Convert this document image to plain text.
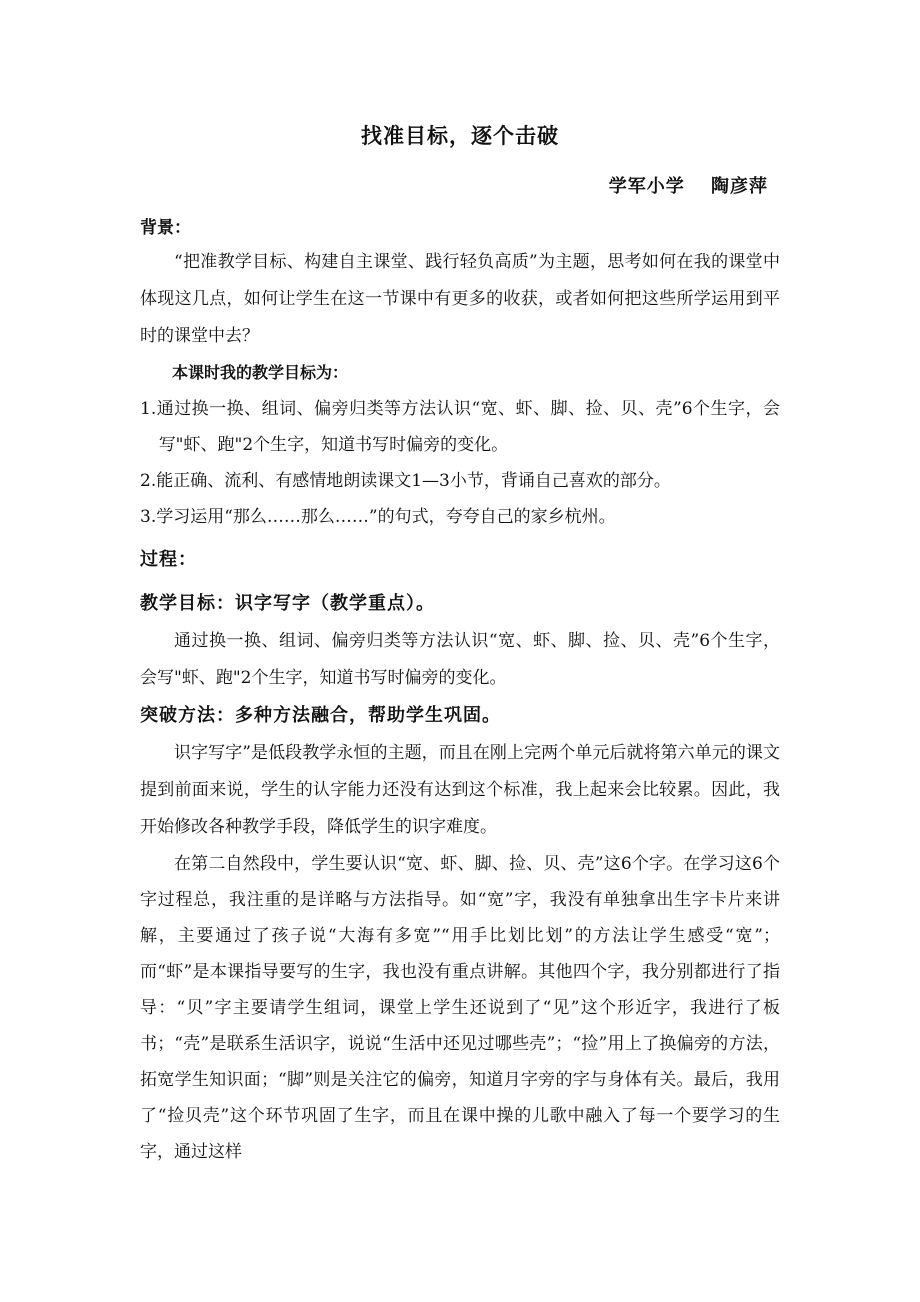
找准目标，逐个击破
学军小学　 陶彦萍

背景：

“把准教学目标、构建自主课堂、践行轻负高质”为主题，思考如何在我的课堂中体现这几点，如何让学生在这一节课中有更多的收获，或者如何把这些所学运用到平时的课堂中去？

本课时我的教学目标为：

1.通过换一换、组词、偏旁归类等方法认识“宽、虾、脚、捡、贝、壳”6个生字，会写"虾、跑"2个生字，知道书写时偏旁的变化。

2.能正确、流利、有感情地朗读课文1—3小节，背诵自己喜欢的部分。

3.学习运用“那么……那么……”的句式，夸夸自己的家乡杭州。

过程：

教学目标：识字写字（教学重点）。

通过换一换、组词、偏旁归类等方法认识“宽、虾、脚、捡、贝、壳”6个生字，会写"虾、跑"2个生字，知道书写时偏旁的变化。

突破方法：多种方法融合，帮助学生巩固。

识字写字”是低段教学永恒的主题，而且在刚上完两个单元后就将第六单元的课文提到前面来说，学生的认字能力还没有达到这个标准，我上起来会比较累。因此，我开始修改各种教学手段，降低学生的识字难度。

在第二自然段中，学生要认识“宽、虾、脚、捡、贝、壳”这6个字。在学习这6个字过程总，我注重的是详略与方法指导。如“宽”字，我没有单独拿出生字卡片来讲解，主要通过了孩子说“大海有多宽”“用手比划比划”的方法让学生感受“宽”；而“虾”是本课指导要写的生字，我也没有重点讲解。其他四个字，我分别都进行了指导：“贝”字主要请学生组词，课堂上学生还说到了“见”这个形近字，我进行了板书；“壳”是联系生活识字，说说“生活中还见过哪些壳”；“捡”用上了换偏旁的方法，拓宽学生知识面；“脚”则是关注它的偏旁，知道月字旁的字与身体有关。最后，我用了“捡贝壳”这个环节巩固了生字，而且在课中操的儿歌中融入了每一个要学习的生字，通过这样
